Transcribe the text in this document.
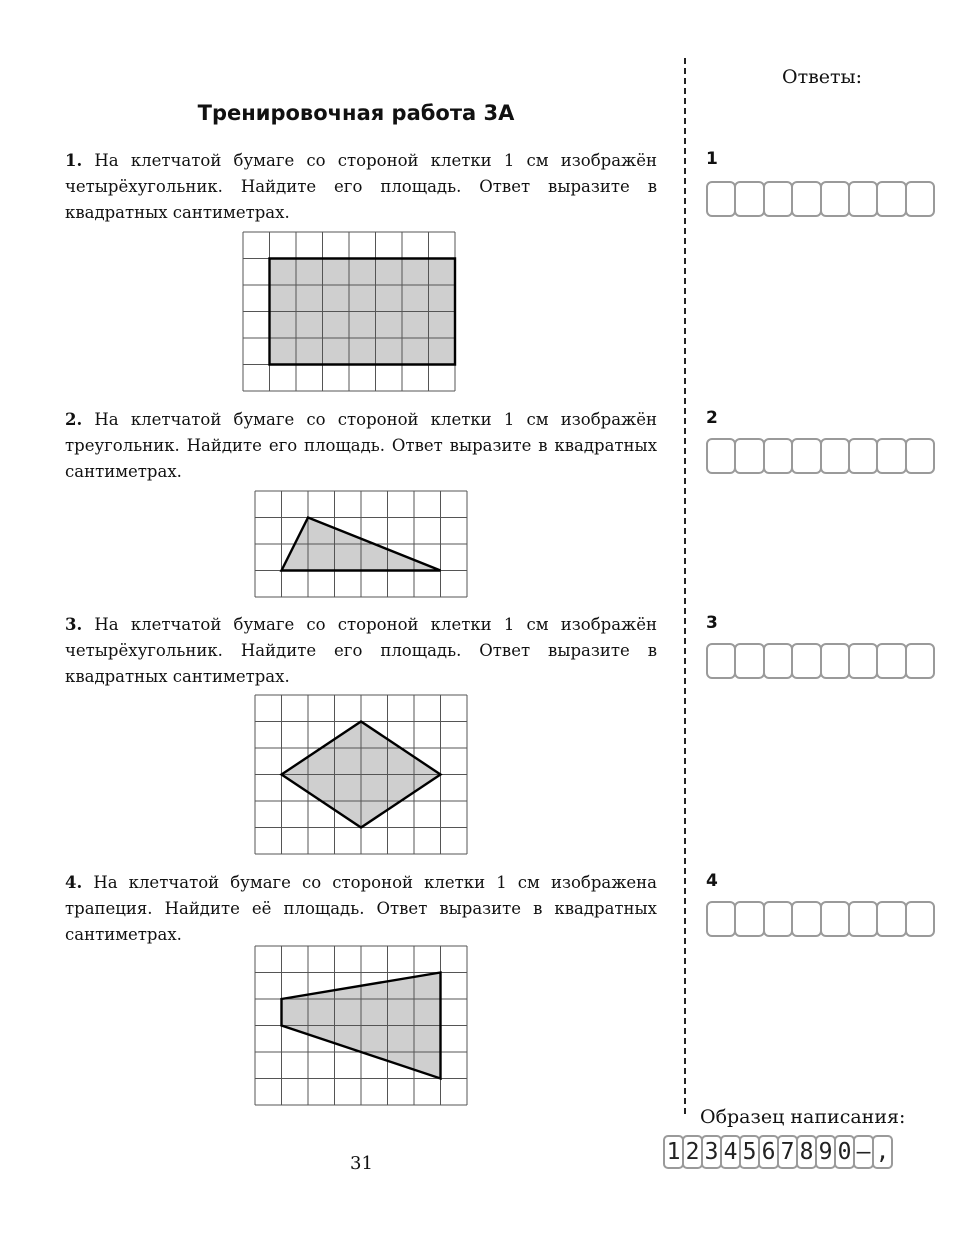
Тренировочная работа 3А
1. На клетчатой бумаге со стороной клетки 1 см изображён четырёхугольник. Найдите его площадь. Ответ выразите в квадратных сантиметрах.
2. На клетчатой бумаге со стороной клетки 1 см изображён треугольник. Найдите его площадь. Ответ выразите в квадратных сантиметрах.
3. На клетчатой бумаге со стороной клетки 1 см изображён четырёхугольник. Найдите его площадь. Ответ выразите в квадратных сантиметрах.
4. На клетчатой бумаге со стороной клетки 1 см изображена трапеция. Найдите её площадь. Ответ выразите в квадратных сантиметрах.
Ответы:
1
2
3
4
Образец написания:
1 2 3 4 5 6 7 8 9 0 – ,
31
